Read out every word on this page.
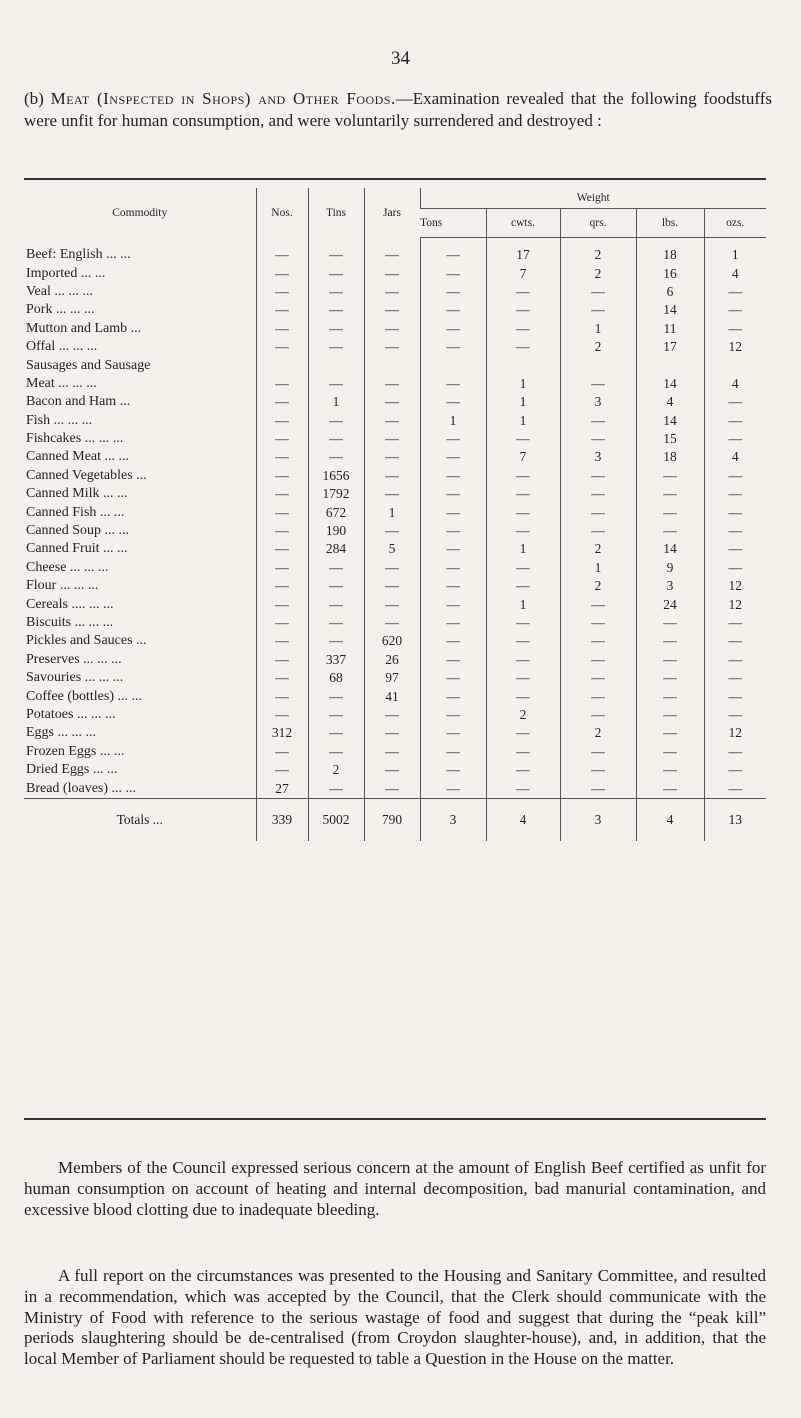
34
(b) Meat (Inspected in Shops) and Other Foods.—Examination revealed that the following foodstuffs were unfit for human consumption, and were voluntarily surrendered and destroyed :
Commodity	Nos.	Tins	Jars	Weight				
				Tons	cwts.	qrs.	lbs.	ozs.

Beef: English ... ...	—	—	—	—	17	2	18	1
Imported ... ...	—	—	—	—	7	2	16	4
Veal ... ... ...	—	—	—	—	—	—	6	—
Pork ... ... ...	—	—	—	—	—	—	14	—
Mutton and Lamb ...	—	—	—	—	—	1	11	—
Offal ... ... ...	—	—	—	—	—	2	17	12
Sausages and Sausage								
Meat ... ... ...	—	—	—	—	1	—	14	4
Bacon and Ham ...	—	1	—	—	1	3	4	—
Fish ... ... ...	—	—	—	1	1	—	14	—
Fishcakes ... ... ...	—	—	—	—	—	—	15	—
Canned Meat ... ...	—	—	—	—	7	3	18	4
Canned Vegetables ...	—	1656	—	—	—	—	—	—
Canned Milk ... ...	—	1792	—	—	—	—	—	—
Canned Fish ... ...	—	672	1	—	—	—	—	—
Canned Soup ... ...	—	190	—	—	—	—	—	—
Canned Fruit ... ...	—	284	5	—	1	2	14	—
Cheese ... ... ...	—	—	—	—	—	1	9	—
Flour ... ... ...	—	—	—	—	—	2	3	12
Cereals .... ... ...	—	—	—	—	1	—	24	12
Biscuits ... ... ...	—	—	—	—	—	—	—	—
Pickles and Sauces ...	—	—	620	—	—	—	—	—
Preserves ... ... ...	—	337	26	—	—	—	—	—
Savouries ... ... ...	—	68	97	—	—	—	—	—
Coffee (bottles) ... ...	—	—	41	—	—	—	—	—
Potatoes ... ... ...	—	—	—	—	2	—	—	—
Eggs ... ... ...	312	—	—	—	—	2	—	12
Frozen Eggs ... ...	—	—	—	—	—	—	—	—
Dried Eggs ... ...	—	2	—	—	—	—	—	—
Bread (loaves) ... ...	27	—	—	—	—	—	—	—
Totals ...	339	5002	790	3	4	3	4	13

Members of the Council expressed serious concern at the amount of English Beef certified as unfit for human consumption on account of heating and internal decomposition, bad manurial contamination, and excessive blood clotting due to inadequate bleeding.

A full report on the circumstances was presented to the Housing and Sanitary Committee, and resulted in a recommendation, which was accepted by the Council, that the Clerk should communicate with the Ministry of Food with reference to the serious wastage of food and suggest that during the “peak kill” periods slaughtering should be de-centralised (from Croydon slaughter-house), and, in addition, that the local Member of Parliament should be requested to table a Question in the House on the matter.
